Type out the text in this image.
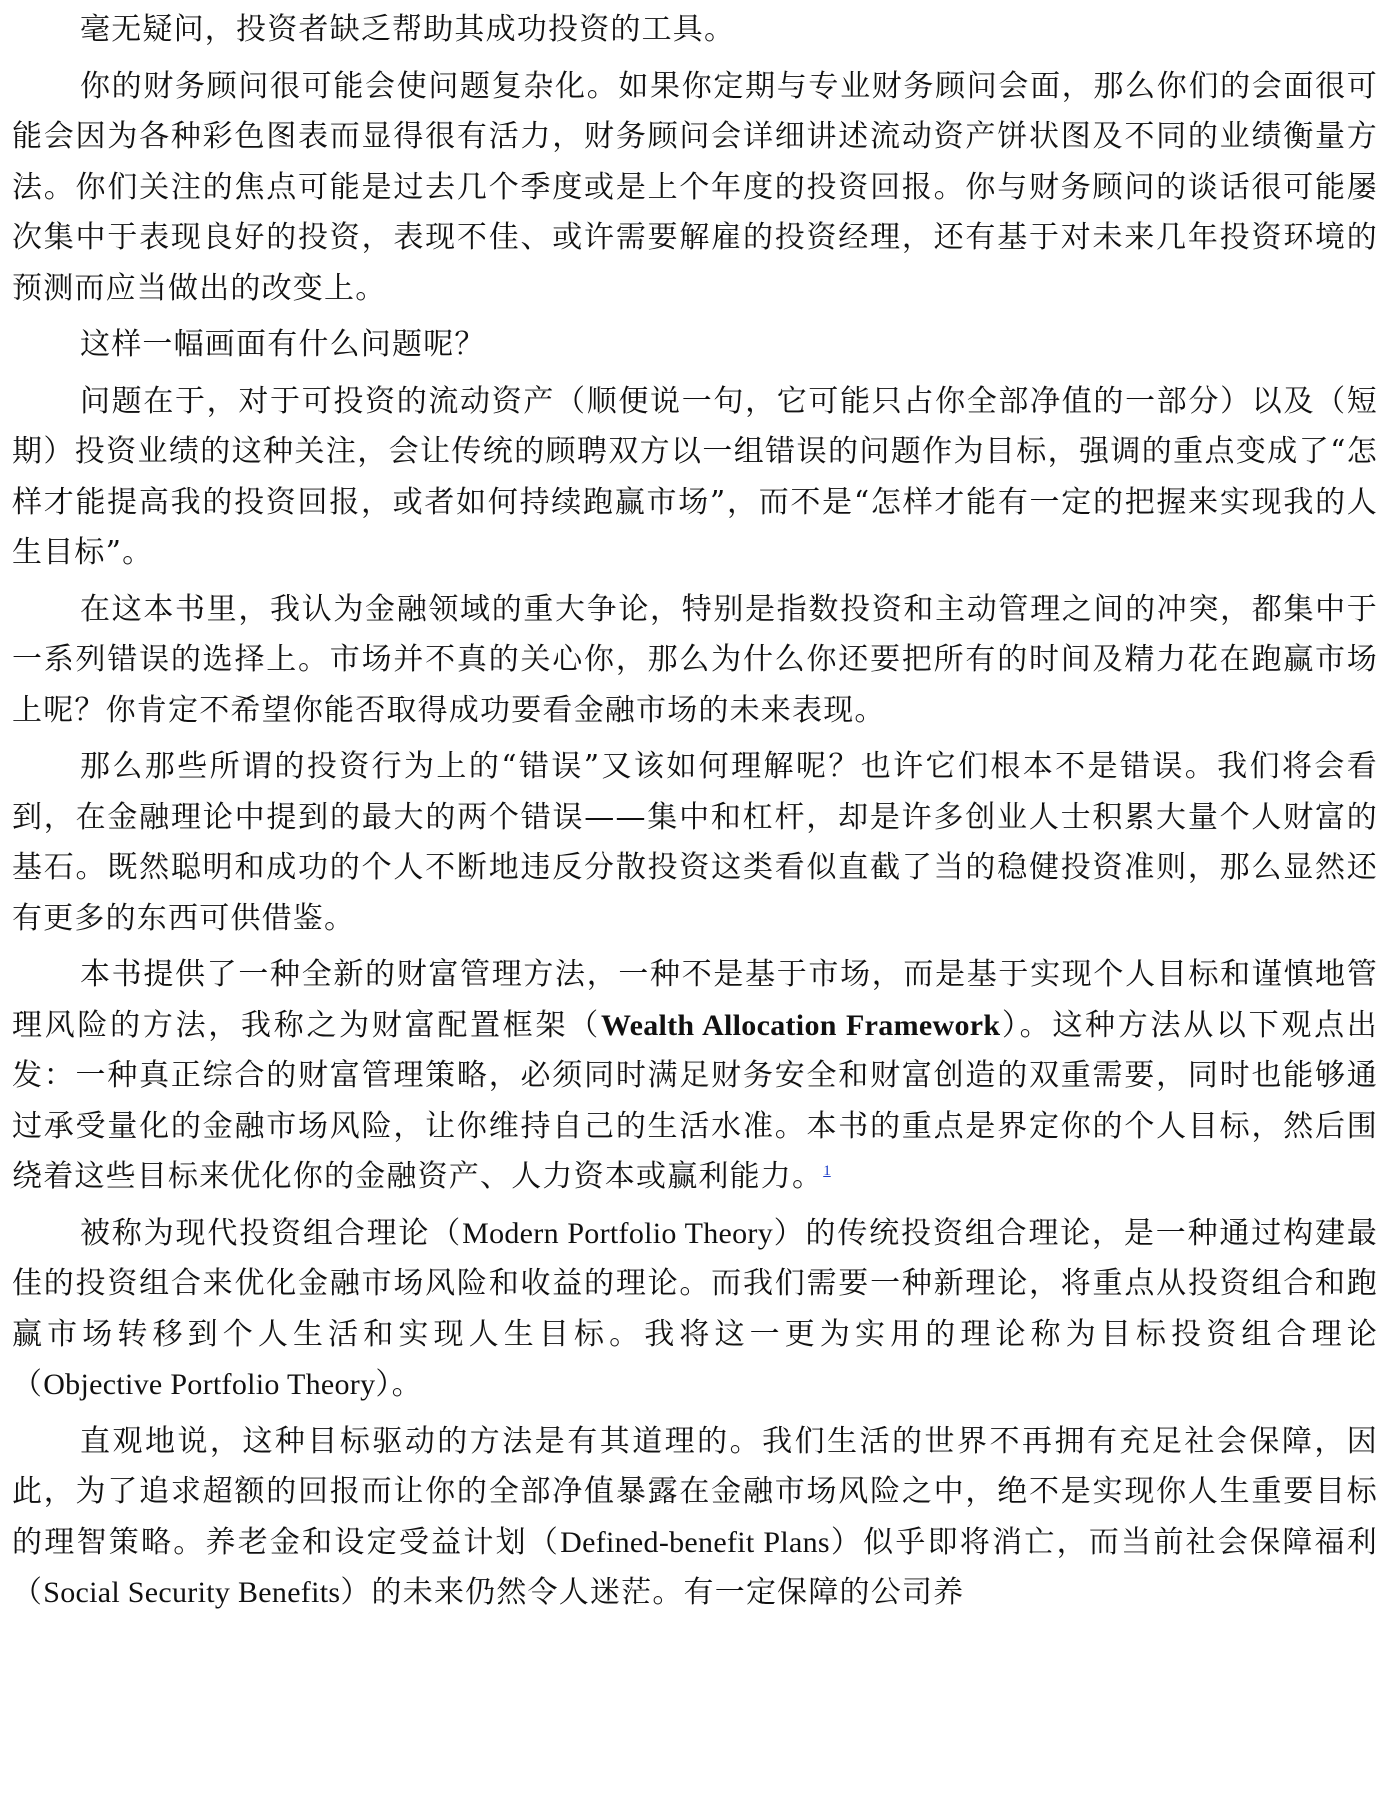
毫无疑问，投资者缺乏帮助其成功投资的工具。

你的财务顾问很可能会使问题复杂化。如果你定期与专业财务顾问会面，那么你们的会面很可能会因为各种彩色图表而显得很有活力，财务顾问会详细讲述流动资产饼状图及不同的业绩衡量方法。你们关注的焦点可能是过去几个季度或是上个年度的投资回报。你与财务顾问的谈话很可能屡次集中于表现良好的投资，表现不佳、或许需要解雇的投资经理，还有基于对未来几年投资环境的预测而应当做出的改变上。

这样一幅画面有什么问题呢？

问题在于，对于可投资的流动资产（顺便说一句，它可能只占你全部净值的一部分）以及（短期）投资业绩的这种关注，会让传统的顾聘双方以一组错误的问题作为目标，强调的重点变成了“怎样才能提高我的投资回报，或者如何持续跑赢市场”，而不是“怎样才能有一定的把握来实现我的人生目标”。

在这本书里，我认为金融领域的重大争论，特别是指数投资和主动管理之间的冲突，都集中于一系列错误的选择上。市场并不真的关心你，那么为什么你还要把所有的时间及精力花在跑赢市场上呢？你肯定不希望你能否取得成功要看金融市场的未来表现。

那么那些所谓的投资行为上的“错误”又该如何理解呢？也许它们根本不是错误。我们将会看到，在金融理论中提到的最大的两个错误——集中和杠杆，却是许多创业人士积累大量个人财富的基石。既然聪明和成功的个人不断地违反分散投资这类看似直截了当的稳健投资准则，那么显然还有更多的东西可供借鉴。

本书提供了一种全新的财富管理方法，一种不是基于市场，而是基于实现个人目标和谨慎地管理风险的方法，我称之为财富配置框架（Wealth Allocation Framework）。这种方法从以下观点出发：一种真正综合的财富管理策略，必须同时满足财务安全和财富创造的双重需要，同时也能够通过承受量化的金融市场风险，让你维持自己的生活水准。本书的重点是界定你的个人目标，然后围绕着这些目标来优化你的金融资产、人力资本或赢利能力。$^1$

被称为现代投资组合理论（Modern Portfolio Theory）的传统投资组合理论，是一种通过构建最佳的投资组合来优化金融市场风险和收益的理论。而我们需要一种新理论，将重点从投资组合和跑赢市场转移到个人生活和实现人生目标。我将这一更为实用的理论称为目标投资组合理论（Objective Portfolio Theory）。

直观地说，这种目标驱动的方法是有其道理的。我们生活的世界不再拥有充足社会保障，因此，为了追求超额的回报而让你的全部净值暴露在金融市场风险之中，绝不是实现你人生重要目标的理智策略。养老金和设定受益计划（Defined-benefit Plans）似乎即将消亡，而当前社会保障福利（Social Security Benefits）的未来仍然令人迷茫。有一定保障的公司养
